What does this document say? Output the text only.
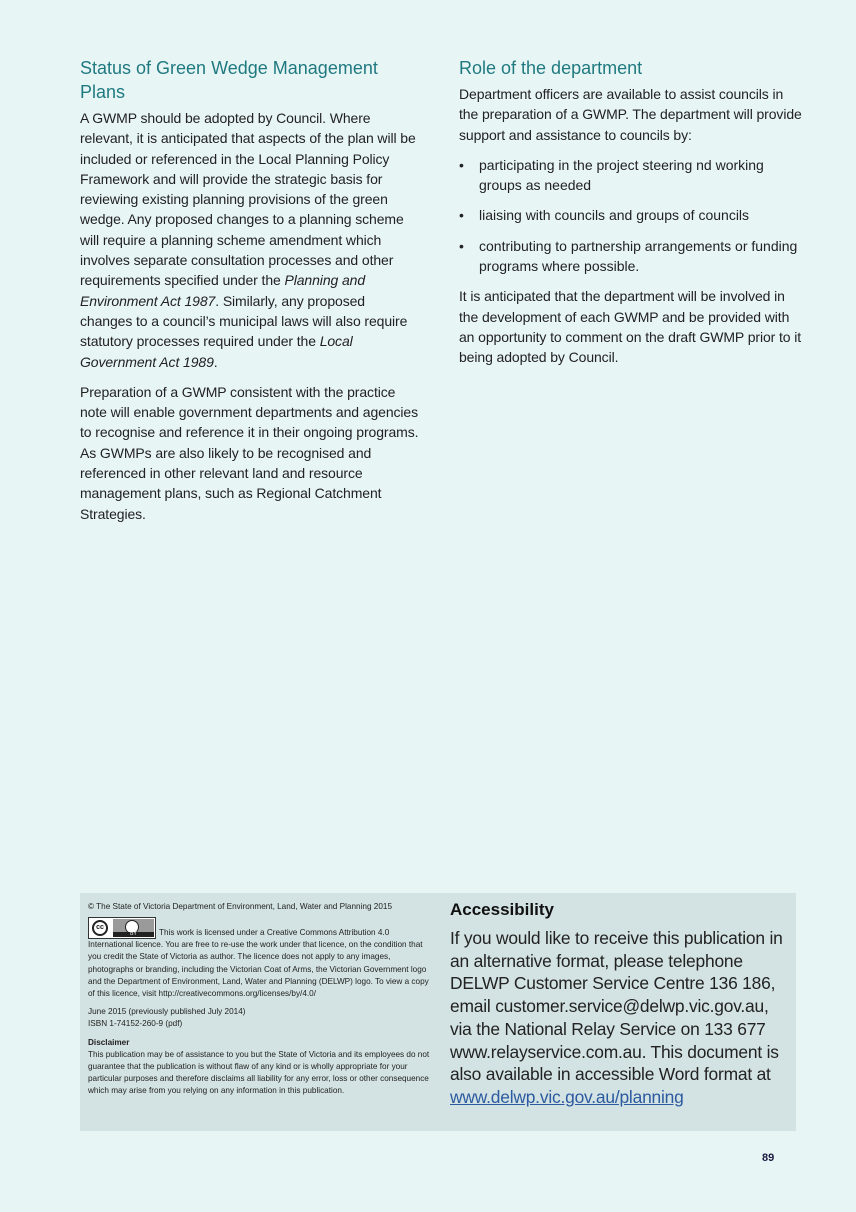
Status of Green Wedge Management Plans

A GWMP should be adopted by Council. Where relevant, it is anticipated that aspects of the plan will be included or referenced in the Local Planning Policy Framework and will provide the strategic basis for reviewing existing planning provisions of the green wedge. Any proposed changes to a planning scheme will require a planning scheme amendment which involves separate consultation processes and other requirements specified under the Planning and Environment Act 1987. Similarly, any proposed changes to a council’s municipal laws will also require statutory processes required under the Local Government Act 1989.

Preparation of a GWMP consistent with the practice note will enable government departments and agencies to recognise and reference it in their ongoing programs. As GWMPs are also likely to be recognised and referenced in other relevant land and resource management plans, such as Regional Catchment Strategies.

Role of the department

Department officers are available to assist councils in the preparation of a GWMP. The department will provide support and assistance to councils by:

• participating in the project steering nd working groups as needed
• liaising with councils and groups of councils
• contributing to partnership arrangements or funding programs where possible.

It is anticipated that the department will be involved in the development of each GWMP and be provided with an opportunity to comment on the draft GWMP prior to it being adopted by Council.

© The State of Victoria Department of Environment, Land, Water and Planning 2015

cc
BY	This work is licensed under a Creative Commons Attribution 4.0 International licence. You are free to re-use the work under that licence, on the condition that you credit the State of Victoria as author. The licence does not apply to any images, photographs or branding, including the Victorian Coat of Arms, the Victorian Government logo and the Department of Environment, Land, Water and Planning (DELWP) logo. To view a copy of this licence, visit http://creativecommons.org/licenses/by/4.0/

June 2015 (previously published July 2014)
ISBN 1-74152-260-9 (pdf)
Disclaimer
This publication may be of assistance to you but the State of Victoria and its employees do not guarantee that the publication is without flaw of any kind or is wholly appropriate for your particular purposes and therefore disclaims all liability for any error, loss or other consequence which may arise from you relying on any information in this publication.
Accessibility

If you would like to receive this publication in an alternative format, please telephone DELWP Customer Service Centre 136 186, email customer.service@delwp.vic.gov.au, via the National Relay Service on 133 677 www.relayservice.com.au. This document is also available in accessible Word format at www.delwp.vic.gov.au/planning

89
